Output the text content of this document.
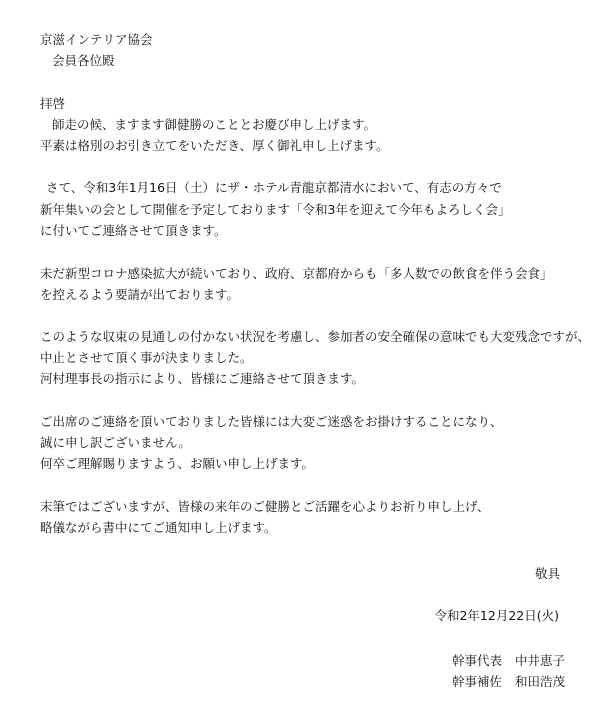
京滋インテリア協会
会員各位殿
拝啓
師走の候、ますます御健勝のこととお慶び申し上げます。
平素は格別のお引き立てをいただき、厚く御礼申し上げます。
さて、令和3年1月16日（土）にザ・ホテル青龍京都清水において、有志の方々で
新年集いの会として開催を予定しております「令和3年を迎えて今年もよろしく会」
に付いてご連絡させて頂きます。
未だ新型コロナ感染拡大が続いており、政府、京都府からも「多人数での飲食を伴う会食」
を控えるよう要請が出ております。
このような収束の見通しの付かない状況を考慮し、参加者の安全確保の意味でも大変残念ですが、
中止とさせて頂く事が決まりました。
河村理事長の指示により、皆様にご連絡させて頂きます。
ご出席のご連絡を頂いておりました皆様には大変ご迷惑をお掛けすることになり、
誠に申し訳ございません。
何卒ご理解賜りますよう、お願い申し上げます。
末筆ではございますが、皆様の来年のご健勝とご活躍を心よりお祈り申し上げ、
略儀ながら書中にてご通知申し上げます。
敬具
令和2年12月22日(火)
幹事代表 中井恵子
幹事補佐 和田浩茂
